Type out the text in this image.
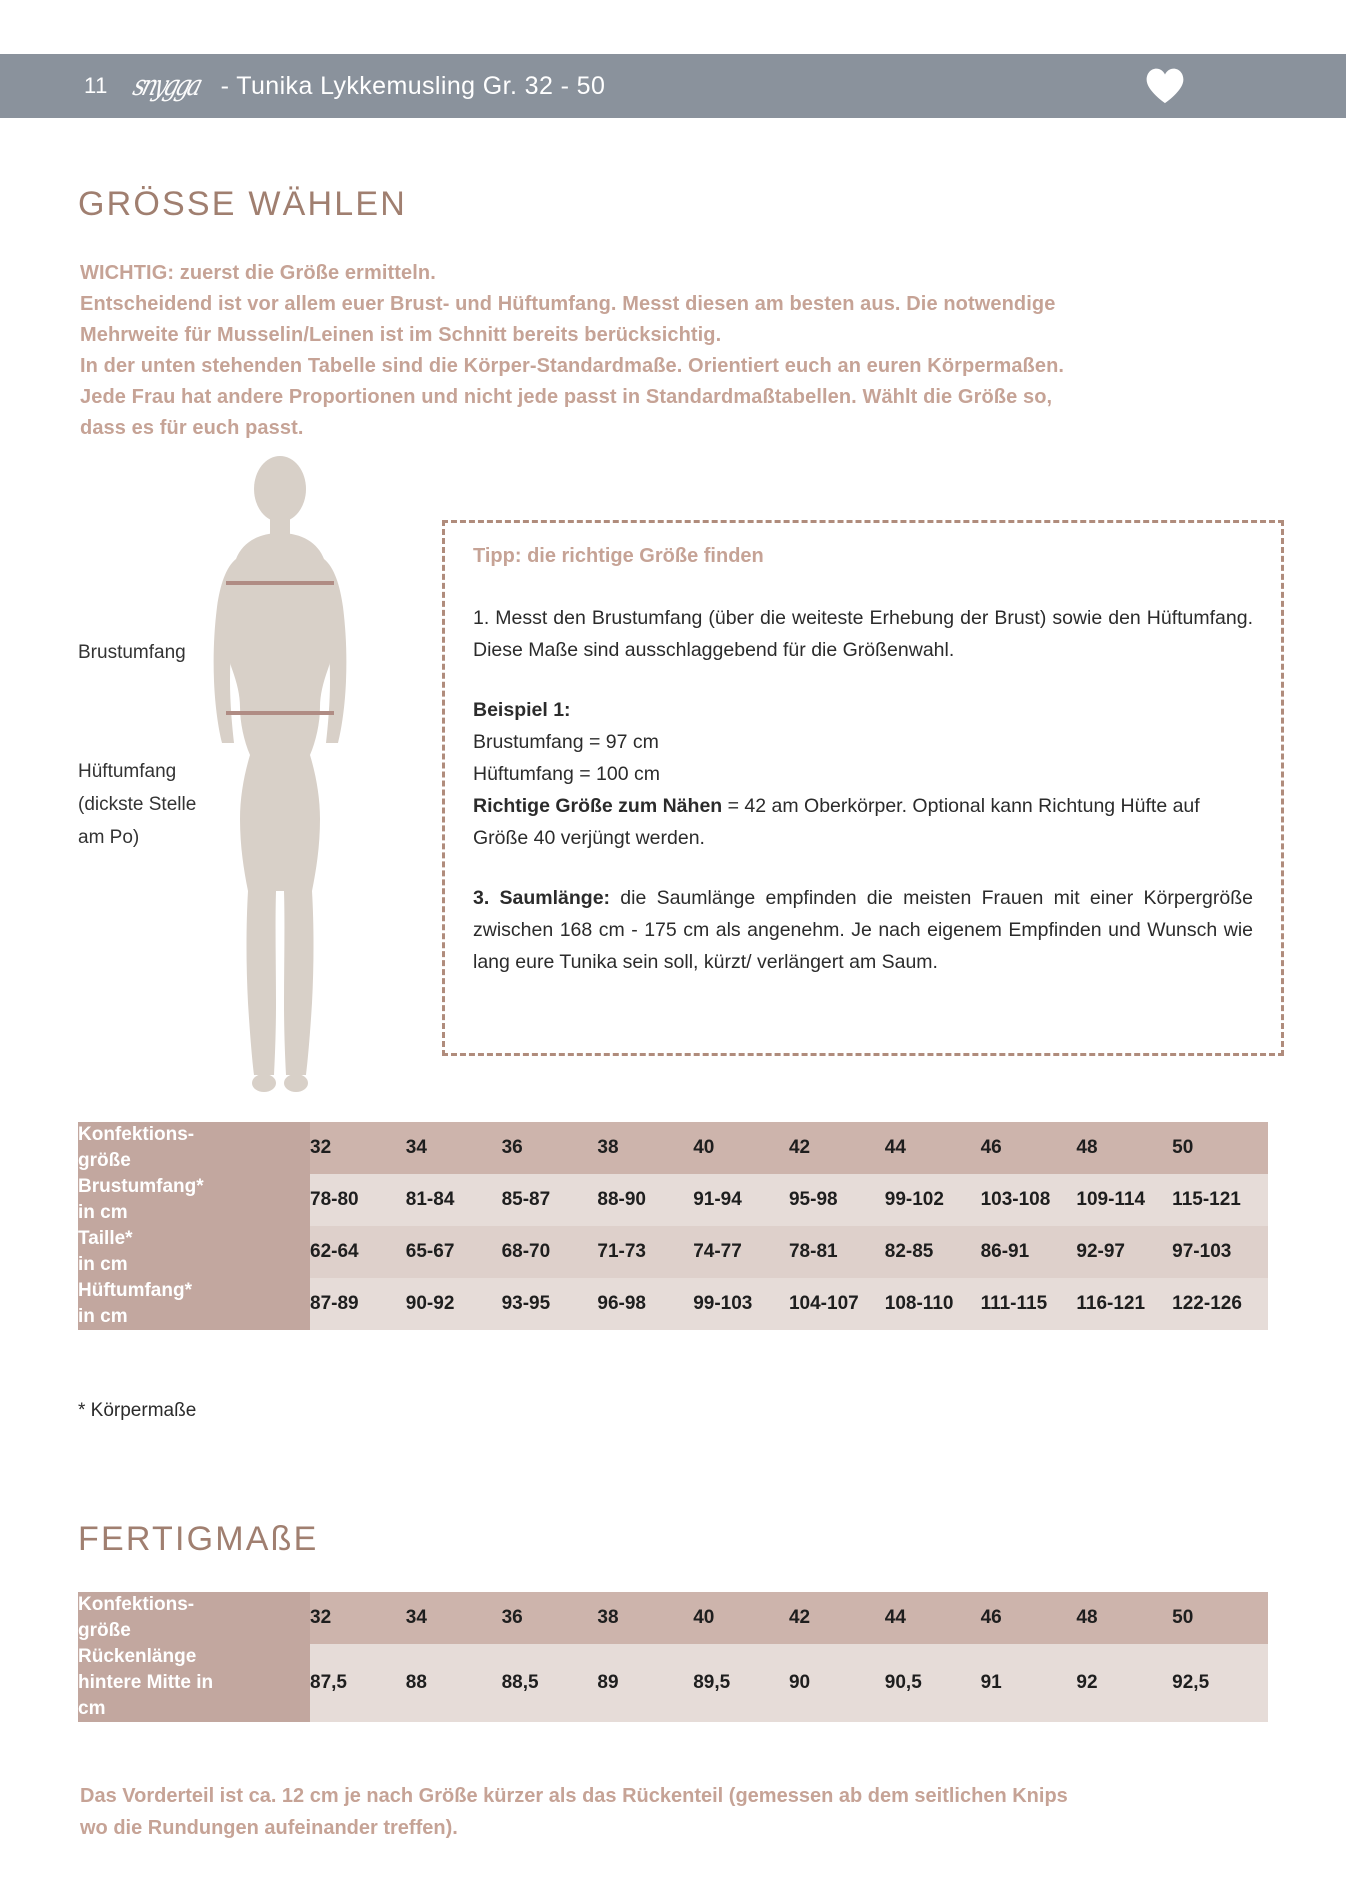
11 snygga - Tunika Lykkemusling Gr. 32 - 50
GRÖSSE WÄHLEN
WICHTIG: zuerst die Größe ermitteln.
Entscheidend ist vor allem euer Brust- und Hüftumfang. Messt diesen am besten aus. Die notwendige
Mehrweite für Musselin/Leinen ist im Schnitt bereits berücksichtig.
In der unten stehenden Tabelle sind die Körper-Standardmaße. Orientiert euch an euren Körpermaßen.
Jede Frau hat andere Proportionen und nicht jede passt in Standardmaßtabellen. Wählt die Größe so,
dass es für euch passt.
Brustumfang
Hüftumfang
(dickste Stelle
am Po)
Tipp: die richtige Größe finden

1. Messt den Brustumfang (über die weiteste Erhebung der Brust) sowie den Hüftumfang. Diese Maße sind ausschlaggebend für die Größenwahl.

Beispiel 1:
Brustumfang = 97 cm
Hüftumfang = 100 cm
Richtige Größe zum Nähen = 42 am Oberkörper. Optional kann Richtung Hüfte auf Größe 40 verjüngt werden.

3. Saumlänge: die Saumlänge empfinden die meisten Frauen mit einer Körpergröße zwischen 168 cm - 175 cm als angenehm. Je nach eigenem Empfinden und Wunsch wie lang eure Tunika sein soll, kürzt/ verlängert am Saum.

Konfektions-
größe	32	34	36	38	40	42	44	46	48	50
Brustumfang*
in cm	78-80	81-84	85-87	88-90	91-94	95-98	99-102	103-108	109-114	115-121
Taille*
in cm	62-64	65-67	68-70	71-73	74-77	78-81	82-85	86-91	92-97	97-103
Hüftumfang*
in cm	87-89	90-92	93-95	96-98	99-103	104-107	108-110	111-115	116-121	122-126
* Körpermaße
FERTIGMAßE
Konfektions-
größe	32	34	36	38	40	42	44	46	48	50
Rückenlänge
hintere Mitte in
cm	87,5	88	88,5	89	89,5	90	90,5	91	92	92,5
Das Vorderteil ist ca. 12 cm je nach Größe kürzer als das Rückenteil (gemessen ab dem seitlichen Knips
wo die Rundungen aufeinander treffen).
